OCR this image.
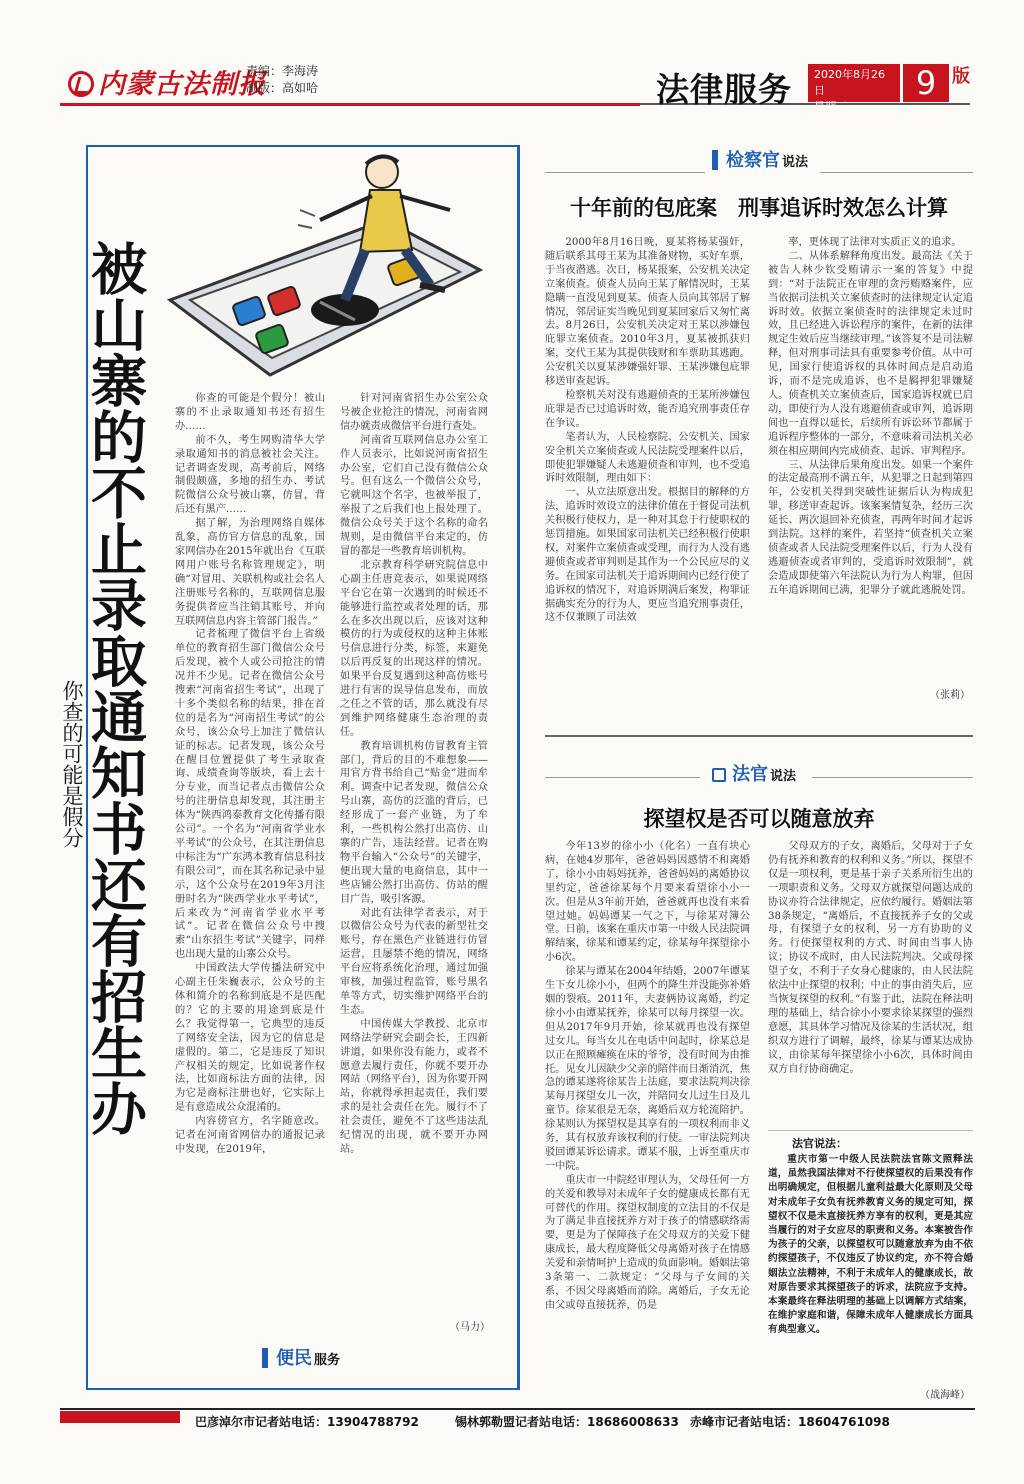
内蒙古法制报
责编：李海涛
制版：高如哈	法律服务	2020年8月26日
星期三
9 版
被山寨的不止录取通知书还有招生办
你查的可能是假分

你查的可能是个假分！被山寨的不止录取通知书还有招生办……

前不久，考生网购清华大学录取通知书的消息被社会关注。记者调查发现，高考前后，网络制假颇盛，多地的招生办、考试院微信公众号被山寨，仿冒，背后还有黑产……

据了解，为治理网络自媒体乱象，高仿官方信息的乱象，国家网信办在2015年就出台《互联网用户账号名称管理规定》，明确“对冒用、关联机构或社会名人注册账号名称的，互联网信息服务提供者应当注销其账号，并向互联网信息内容主管部门报告。”

记者梳理了微信平台上省级单位的教育招生部门微信公众号后发现，被个人或公司抢注的情况并不少见。记者在微信公众号搜索“河南省招生考试”，出现了十多个类似名称的结果，排在首位的是名为“河南招生考试”的公众号，该公众号上加注了微信认证的标志。记者发现，该公众号在醒目位置提供了考生录取查询、成绩查询等版块，看上去十分专业，而当记者点击微信公众号的注册信息却发现，其注册主体为“陕西鸿泰教育文化传播有限公司”。一个名为“河南省学业水平考试”的公众号，在其注册信息中标注为“广东鸿本教育信息科技有限公司”，而在其名称记录中显示，这个公众号在2019年3月注册时名为“陕西学业水平考试”，后来改为“河南省学业水平考试”。记者在微信公众号中搜索“山东招生考试”关键字，同样也出现大量的山寨公众号。

中国政法大学传播法研究中心副主任朱巍表示，公众号的主体和简介的名称到底是不是匹配的？它的主要的用途到底是什么？我觉得第一，它典型的违反了网络安全法，因为它的信息是虚假的。第二，它是违反了知识产权相关的规定，比如说著作权法，比如商标法方面的法律，因为它是商标注册也好，它实际上是有意造成公众混淆的。

内容傍官方，名字随意改。记者在河南省网信办的通报记录中发现，在2019年，

针对河南省招生办公室公众号被企业抢注的情况，河南省网信办就责成微信平台进行查处。

河南省互联网信息办公室工作人员表示，比如说河南省招生办公室，它们自己没有微信公众号。但有这么一个微信公众号，它就叫这个名字，也被举报了，举报了之后我们也上报处理了。微信公众号关于这个名称的命名规则，是由微信平台来定的，仿冒的都是一些教育培训机构。

北京教育科学研究院信息中心副主任唐竞表示，如果说网络平台它在第一次遇到的时候还不能够进行监控或者处理的话，那么在多次出现以后，应该对这种模仿的行为或侵权的这种主体账号信息进行分类，标签，来避免以后再反复的出现这样的情况。如果平台反复遇到这种高仿账号进行有害的误导信息发布，而放之任之不管的话，那么就没有尽到维护网络健康生态治理的责任。

教育培训机构仿冒教育主管部门，背后的目的不难想象——用官方背书给自己“贴金”进而牟利。调查中记者发现，微信公众号山寨，高仿的泛滥的背后，已经形成了一套产业链，为了牟利，一些机构公然打出高仿、山寨的广告，违法经营。记者在购物平台输入“公众号”的关键字，便出现大量的电商信息，其中一些店铺公然打出高仿、仿站的醒目广告，吸引客源。

对此有法律学者表示，对于以微信公众号为代表的新型社交账号，存在黑色产业链进行仿冒运营，且屡禁不绝的情况，网络平台应将系统化治理，通过加强审核，加强过程监管，账号黑名单等方式，切实维护网络平台的生态。

中国传媒大学教授、北京市网络法学研究会副会长，王四新讲道，如果你没有能力，或者不愿意去履行责任，你就不要开办网站（网络平台），因为你要开网站，你就得承担起责任，我们要求的是社会责任在先。履行不了社会责任，避免不了这些违法乱纪情况的出现，就不要开办网站。

（马力）
便民 服务
检察官 说法
十年前的包庇案　刑事追诉时效怎么计算

2000年8月16日晚，夏某将杨某强奸，随后联系其母王某为其准备财物，买好车票，于当夜潜逃。次日，杨某报案，公安机关决定立案侦查。侦查人员向王某了解情况时，王某隐瞒一直没见到夏某。侦查人员向其邻居了解情况，邻居证实当晚见到夏某回家后又匆忙离去。8月26日，公安机关决定对王某以涉嫌包庇罪立案侦查。2010年3月，夏某被抓获归案，交代王某为其提供钱财和车票助其逃跑。公安机关以夏某涉嫌强奸罪、王某涉嫌包庇罪移送审查起诉。

检察机关对没有逃避侦查的王某所涉嫌包庇罪是否已过追诉时效，能否追究刑事责任存在争议。

笔者认为，人民检察院、公安机关、国家安全机关立案侦查或人民法院受理案件以后，即使犯罪嫌疑人未逃避侦查和审判，也不受追诉时效限制，理由如下：

一、从立法原意出发。根据目的解释的方法，追诉时效设立的法律价值在于督促司法机关积极行使权力，是一种对其怠于行使职权的惩罚措施。如果国家司法机关已经积极行使职权，对案件立案侦查或受理，而行为人没有逃避侦查或者审判则是其作为一个公民应尽的义务。在国家司法机关于追诉期间内已经行使了追诉权的情况下，对追诉期满后案发，构罪证据确实充分的行为人，更应当追究刑事责任，这不仅兼顾了司法效

率，更体现了法律对实质正义的追求。

二、从体系解释角度出发。最高法《关于被告人林少钦受贿请示一案的答复》中提到：“对于法院正在审理的贪污贿赂案件，应当依据司法机关立案侦查时的法律规定认定追诉时效。依据立案侦查时的法律规定未过时效，且已经进入诉讼程序的案件，在新的法律规定生效后应当继续审理。”该答复不是司法解释，但对刑事司法具有重要参考价值。从中可见，国家行使追诉权的具体时间点是启动追诉，而不是完成追诉，也不是羁押犯罪嫌疑人。侦查机关立案侦查后，国家追诉权就已启动，即使行为人没有逃避侦查或审判，追诉期间也一直得以延长，后续所有诉讼环节都属于追诉程序整体的一部分，不意味着司法机关必须在相应期间内完成侦查、起诉、审判程序。

三、从法律后果角度出发。如果一个案件的法定最高刑不满五年，从犯罪之日起到第四年，公安机关得到突破性证据后认为构成犯罪，移送审查起诉。该案案情复杂，经历三次延长、两次退回补充侦查，再两年时间才起诉到法院。这样的案件，若坚持“侦查机关立案侦查或者人民法院受理案件以后，行为人没有逃避侦查或者审判的，受追诉时效限制”，就会造成即使第六年法院认为行为人构罪，但因五年追诉期间已满，犯罪分子就此逃脱处罚。

（张莉）
法官 说法
探望权是否可以随意放弃

今年13岁的徐小小（化名）一直有块心病，在她4岁那年，爸爸妈妈因感情不和离婚了，徐小小由妈妈抚养，爸爸妈妈的离婚协议里约定，爸爸徐某每个月要来看望徐小小一次。但是从3年前开始，爸爸就再也没有来看望过她。妈妈谭某一气之下，与徐某对簿公堂。日前，该案在重庆市第一中级人民法院调解结案，徐某和谭某约定，徐某每年探望徐小小6次。

徐某与谭某在2004年结婚，2007年谭某生下女儿徐小小，但两个的降生并没能弥补婚姻的裂痕。2011年，夫妻俩协议离婚，约定徐小小由谭某抚养，徐某可以每月探望一次。但从2017年9月开始，徐某就再也没有探望过女儿。每当女儿在电话中问起时，徐某总是以正在照顾瘫痪在床的爷爷，没有时间为由推托。见女儿因缺少父亲的陪伴而日渐消沉，焦急的谭某遂将徐某告上法庭，要求法院判决徐某每月探望女儿一次，并陪同女儿过生日及儿童节。徐某很是无奈，离婚后双方轮流陪护。徐某则认为探望权是其享有的一项权利而非义务，其有权放弃该权利的行使。一审法院判决驳回谭某诉讼请求。谭某不服，上诉至重庆市一中院。

重庆市一中院经审理认为，父母任何一方的关爱和教导对未成年子女的健康成长都有无可替代的作用。探望权制度的立法目的不仅是为了满足非直接抚养方对于孩子的情感联络需要，更是为了保障孩子在父母双方的关爱下健康成长，最大程度降低父母离婚对孩子在情感关爱和亲情呵护上造成的负面影响。婚姻法第3条第一、二款规定：“父母与子女间的关系，不因父母离婚而消除。离婚后，子女无论由父或母直接抚养，仍是

父母双方的子女，离婚后，父母对于子女仍有抚养和教育的权利和义务。”所以，探望不仅是一项权利，更是基于亲子关系所衍生出的一项职责和义务。父母双方就探望问题达成的协议亦符合法律规定，应依约履行。婚姻法第38条规定，“离婚后，不直接抚养子女的父或母，有探望子女的权利，另一方有协助的义务。行使探望权利的方式、时间由当事人协议；协议不成时，由人民法院判决。父或母探望子女，不利于子女身心健康的，由人民法院依法中止探望的权利；中止的事由消失后，应当恢复探望的权利。”有鉴于此，法院在释法明理的基础上，结合徐小小要求徐某探望的强烈意愿，其具体学习情况及徐某的生活状况，组织双方进行了调解，最终，徐某与谭某达成协议，由徐某每年探望徐小小6次，具体时间由双方自行协商确定。

法官说法：
重庆市第一中级人民法院法官陈文照释法道，虽然我国法律对不行使探望权的后果没有作出明确规定，但根据儿童利益最大化原则及父母对未成年子女负有抚养教育义务的规定可知，探望权不仅是未直接抚养方享有的权利，更是其应当履行的对子女应尽的职责和义务。本案被告作为孩子的父亲，以探望权可以随意放弃为由不依约探望孩子，不仅违反了协议约定，亦不符合婚姻法立法精神，不利于未成年人的健康成长，故对原告要求其探望孩子的诉求，法院应予支持。本案最终在释法明理的基础上以调解方式结案，在维护家庭和谐，保障未成年人健康成长方面具有典型意义。
（战海峰）
巴彦淖尔市记者站电话：13904788792	锡林郭勒盟记者站电话：18686008633 赤峰市记者站电话：18604761098
